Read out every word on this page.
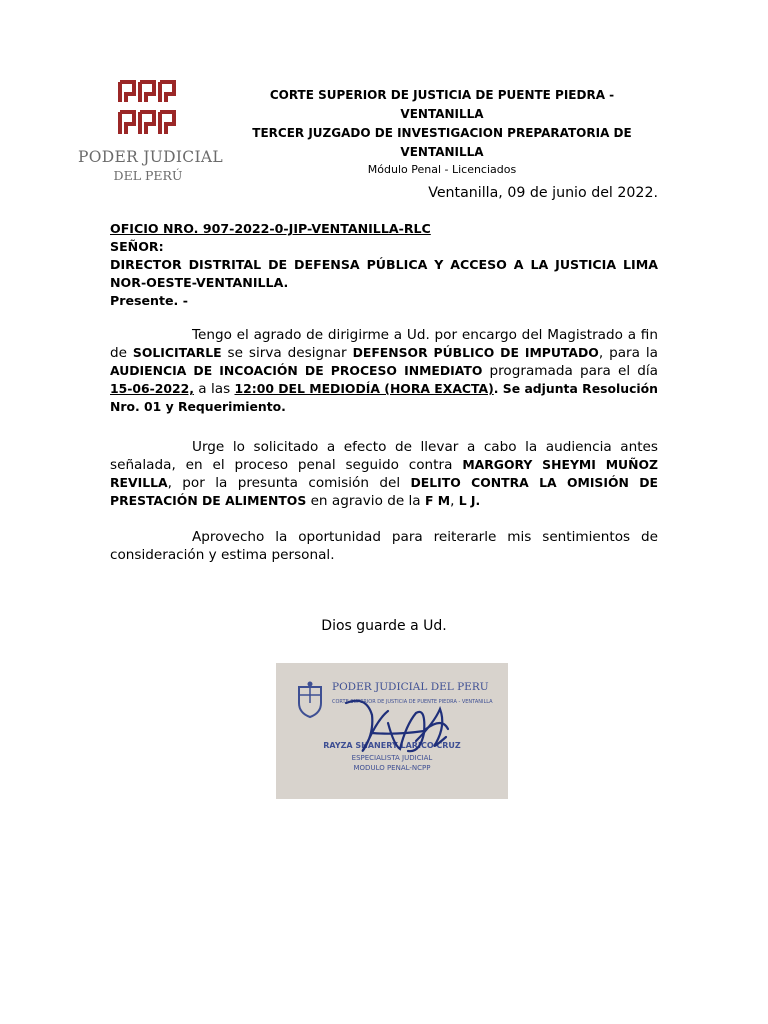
PODER JUDICIAL
DEL PERÚ
CORTE SUPERIOR DE JUSTICIA DE PUENTE PIEDRA - VENTANILLA
TERCER JUZGADO DE INVESTIGACION PREPARATORIA DE
VENTANILLA
Módulo Penal - Licenciados
Ventanilla, 09 de junio del 2022.
OFICIO NRO. 907-2022-0-JIP-VENTANILLA-RLC
SEÑOR:
DIRECTOR DISTRITAL DE DEFENSA PÚBLICA Y ACCESO A LA JUSTICIA LIMA NOR-OESTE-VENTANILLA.
Presente. -
Tengo el agrado de dirigirme a Ud. por encargo del Magistrado a fin de SOLICITARLE se sirva designar DEFENSOR PÚBLICO DE IMPUTADO, para la AUDIENCIA DE INCOACIÓN DE PROCESO INMEDIATO programada para el día 15-06-2022, a las 12:00 DEL MEDIODÍA (HORA EXACTA). Se adjunta Resolución Nro. 01 y Requerimiento.
Urge lo solicitado a efecto de llevar a cabo la audiencia antes señalada, en el proceso penal seguido contra MARGORY SHEYMI MUÑOZ REVILLA, por la presunta comisión del DELITO CONTRA LA OMISIÓN DE PRESTACIÓN DE ALIMENTOS en agravio de la F M, L J.
Aprovecho la oportunidad para reiterarle mis sentimientos de consideración y estima personal.
Dios guarde a Ud.
PODER JUDICIAL DEL PERU
CORTE SUPERIOR DE JUSTICIA DE PUENTE PIEDRA - VENTANILLA
RAYZA SHANERY LARICO CRUZ
ESPECIALISTA JUDICIAL
MODULO PENAL-NCPP
